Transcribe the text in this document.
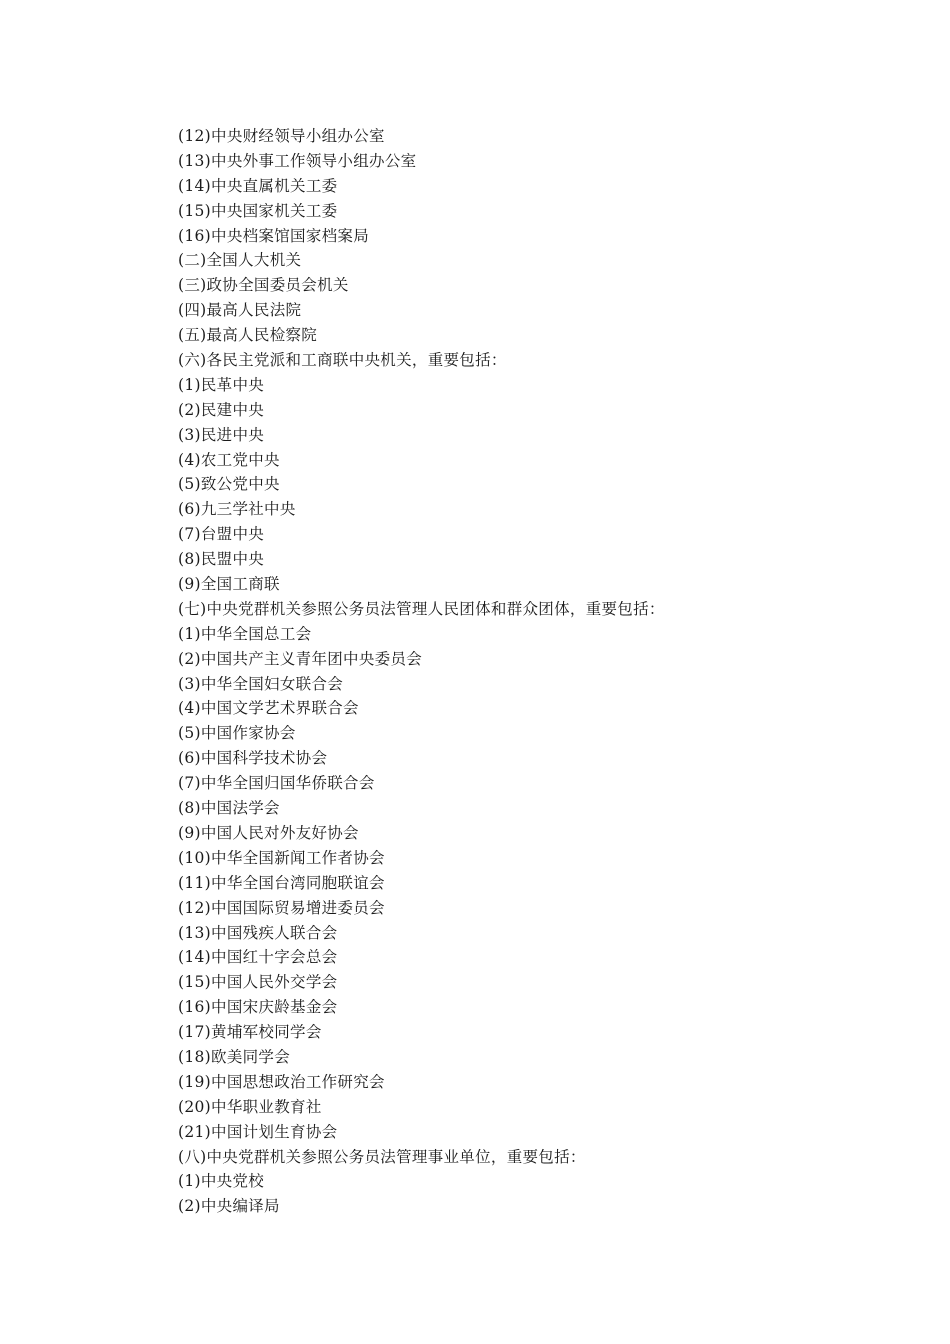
(12)中央财经领导小组办公室
(13)中央外事工作领导小组办公室
(14)中央直属机关工委
(15)中央国家机关工委
(16)中央档案馆国家档案局
(二)全国人大机关
(三)政协全国委员会机关
(四)最高人民法院
(五)最高人民检察院
(六)各民主党派和工商联中央机关，重要包括：
(1)民革中央
(2)民建中央
(3)民进中央
(4)农工党中央
(5)致公党中央
(6)九三学社中央
(7)台盟中央
(8)民盟中央
(9)全国工商联
(七)中央党群机关参照公务员法管理人民团体和群众团体，重要包括：
(1)中华全国总工会
(2)中国共产主义青年团中央委员会
(3)中华全国妇女联合会
(4)中国文学艺术界联合会
(5)中国作家协会
(6)中国科学技术协会
(7)中华全国归国华侨联合会
(8)中国法学会
(9)中国人民对外友好协会
(10)中华全国新闻工作者协会
(11)中华全国台湾同胞联谊会
(12)中国国际贸易增进委员会
(13)中国残疾人联合会
(14)中国红十字会总会
(15)中国人民外交学会
(16)中国宋庆龄基金会
(17)黄埔军校同学会
(18)欧美同学会
(19)中国思想政治工作研究会
(20)中华职业教育社
(21)中国计划生育协会
(八)中央党群机关参照公务员法管理事业单位，重要包括：
(1)中央党校
(2)中央编译局
